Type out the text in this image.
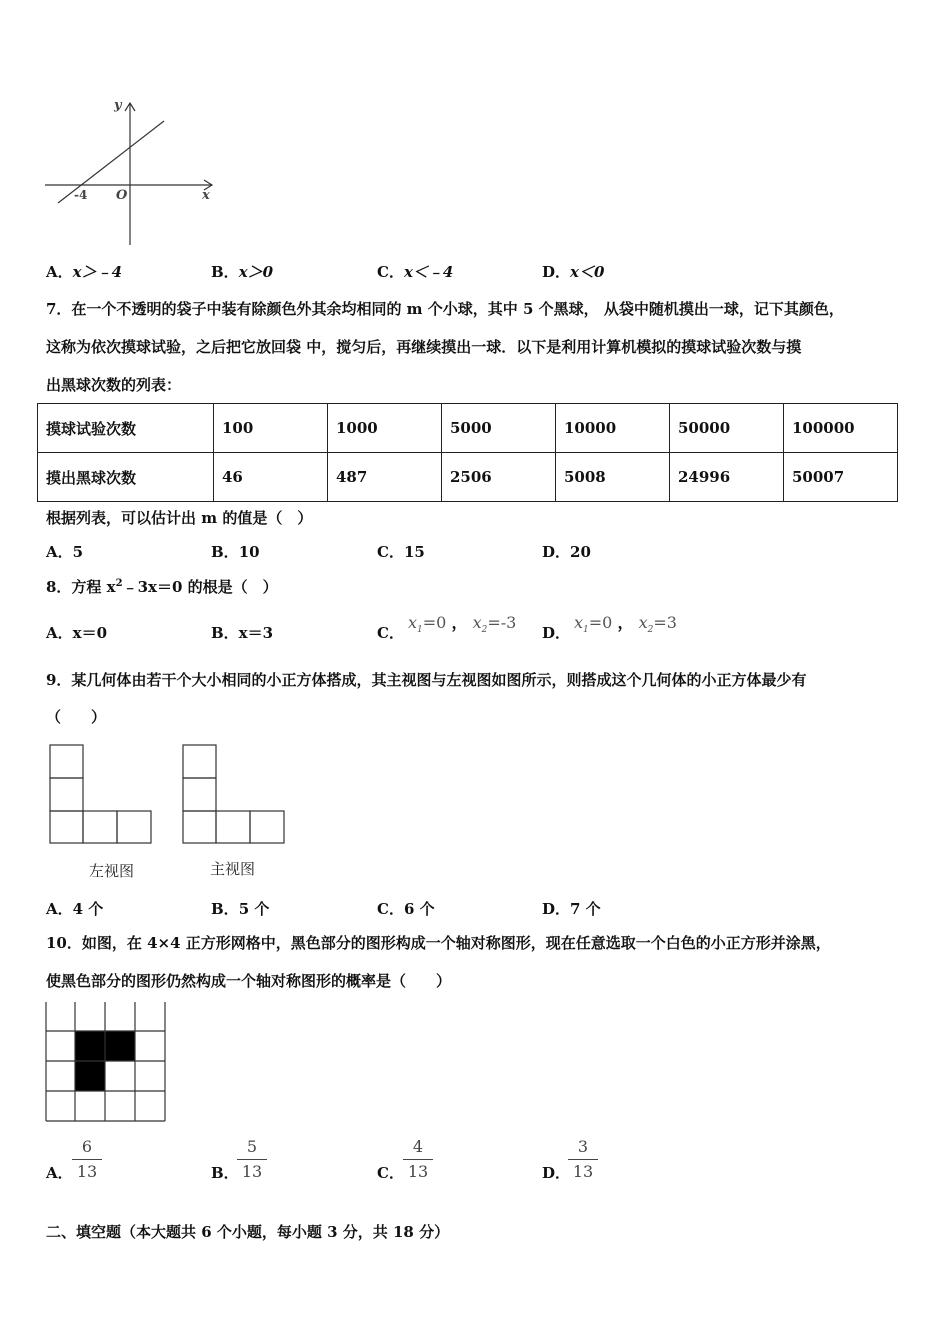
y
x
O
-4
A．x＞﹣4	B．x＞0	C．x＜﹣4	D．x＜0
7．在一个不透明的袋子中装有除颜色外其余均相同的 m 个小球，其中 5 个黑球， 从袋中随机摸出一球，记下其颜色，
这称为依次摸球试验，之后把它放回袋 中，搅匀后，再继续摸出一球．以下是利用计算机模拟的摸球试验次数与摸
出黑球次数的列表：
摸球试验次数	100	1000	5000	10000	50000	100000
摸出黑球次数	46	487	2506	5008	24996	50007
根据列表，可以估计出 m 的值是（　）
A．5	B．10	C．15	D．20
8．方程 $x^2﹣3x=0$ 的根是（　）
A．x＝0	B．x＝3	C．
$x_1=0$ ， $x_2=-3$
D．
$x_1=0$ ， $x_2=3$
9．某几何体由若干个大小相同的小正方体搭成，其主视图与左视图如图所示，则搭成这个几何体的小正方体最少有
（　　）
左视图	主视图
A．4 个	B．5 个	C．6 个	D．7 个
10．如图，在 4×4 正方形网格中，黑色部分的图形构成一个轴对称图形，现在任意选取一个白色的小正方形并涂黑，
使黑色部分的图形仍然构成一个轴对称图形的概率是（　　）
A．
6
13	B．
5
13	C．
4
13	D．
3
13
二、填空题（本大题共 6 个小题，每小题 3 分，共 18 分）
